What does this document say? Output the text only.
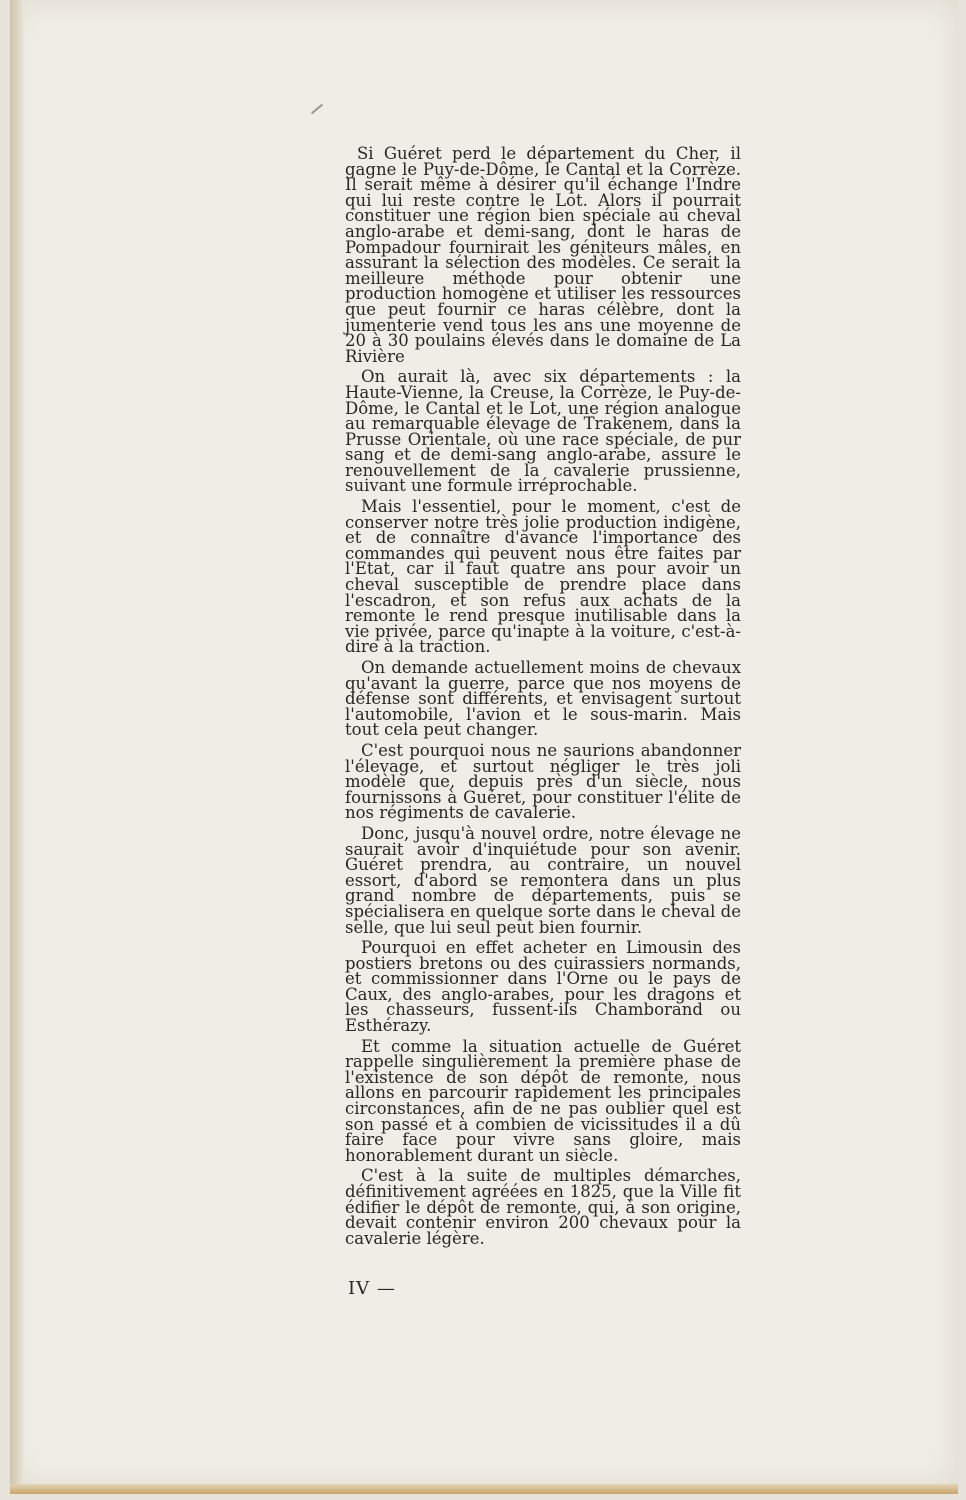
Si Guéret perd le département du Cher, il gagne le Puy-de-Dôme, le Cantal et la Corrèze. Il serait même à désirer qu'il échange l'Indre qui lui reste contre le Lot. Alors il pourrait constituer une région bien spéciale au cheval anglo-arabe et demi-sang, dont le haras de Pompadour fournirait les géniteurs mâles, en assurant la sélection des modèles. Ce serait la meilleure méthode pour obtenir une production homogène et utiliser les ressources que peut fournir ce haras célèbre, dont la jumenterie vend tous les ans une moyenne de 20 à 30 poulains élevés dans le domaine de La Rivière

On aurait là, avec six départements : la Haute-Vienne, la Creuse, la Corrèze, le Puy-de-Dôme, le Cantal et le Lot, une région analogue au remarquable élevage de Trakenem, dans la Prusse Orientale, où une race spéciale, de pur sang et de demi-sang anglo-arabe, assure le renouvellement de la cavalerie prussienne, suivant une formule irréprochable.

Mais l'essentiel, pour le moment, c'est de conserver notre très jolie production indigène, et de connaître d'avance l'importance des commandes qui peuvent nous être faites par l'Etat, car il faut quatre ans pour avoir un cheval susceptible de prendre place dans l'escadron, et son refus aux achats de la remonte le rend presque inutilisable dans la vie privée, parce qu'inapte à la voiture, c'est-à-dire à la traction.

On demande actuellement moins de chevaux qu'avant la guerre, parce que nos moyens de défense sont différents, et envisagent surtout l'automobile, l'avion et le sous-marin. Mais tout cela peut changer.

C'est pourquoi nous ne saurions abandonner l'élevage, et surtout négliger le très joli modèle que, depuis près d'un siècle, nous fournissons à Guéret, pour constituer l'élite de nos régiments de cavalerie.

Donc, jusqu'à nouvel ordre, notre élevage ne saurait avoir d'inquiétude pour son avenir. Guéret prendra, au contraire, un nouvel essort, d'abord se remontera dans un plus grand nombre de départements, puis se spécialisera en quelque sorte dans le cheval de selle, que lui seul peut bien fournir.

Pourquoi en effet acheter en Limousin des postiers bretons ou des cuirassiers normands, et commissionner dans l'Orne ou le pays de Caux, des anglo-arabes, pour les dragons et les chasseurs, fussent-ils Chamborand ou Esthérazy.

Et comme la situation actuelle de Guéret rappelle singulièrement la première phase de l'existence de son dépôt de remonte, nous allons en parcourir rapidement les principales circonstances, afin de ne pas oublier quel est son passé et à combien de vicissitudes il a dû faire face pour vivre sans gloire, mais honorablement durant un siècle.

C'est à la suite de multiples démarches, définitivement agréées en 1825, que la Ville fit édifier le dépôt de remonte, qui, à son origine, devait contenir environ 200 chevaux pour la cavalerie légère.

IV —
